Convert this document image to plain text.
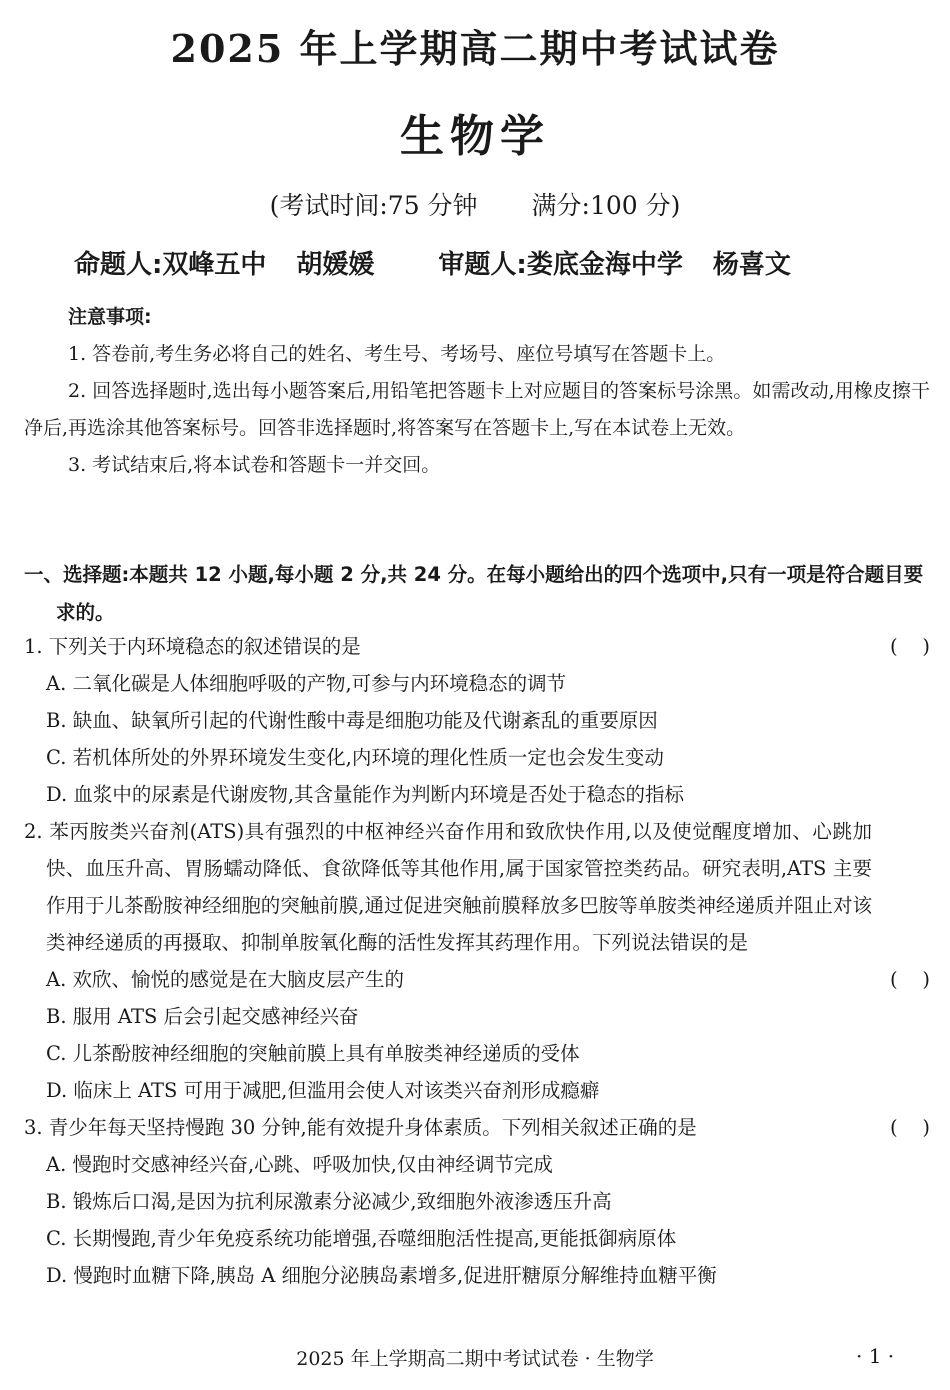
2025 年上学期高二期中考试试卷
生物学
(考试时间:75 分钟 满分:100 分)
命题人:双峰五中 胡媛媛 审题人:娄底金海中学 杨喜文
注意事项:

1. 答卷前,考生务必将自己的姓名、考生号、考场号、座位号填写在答题卡上。

2. 回答选择题时,选出每小题答案后,用铅笔把答题卡上对应题目的答案标号涂黑。如需改动,用橡皮擦干净后,再选涂其他答案标号。回答非选择题时,将答案写在答题卡上,写在本试卷上无效。

3. 考试结束后,将本试卷和答题卡一并交回。

一、选择题:本题共 12 小题,每小题 2 分,共 24 分。在每小题给出的四个选项中,只有一项是符合题目要求的。
1. 下列关于内环境稳态的叙述错误的是	(    )
A. 二氧化碳是人体细胞呼吸的产物,可参与内环境稳态的调节
B. 缺血、缺氧所引起的代谢性酸中毒是细胞功能及代谢紊乱的重要原因
C. 若机体所处的外界环境发生变化,内环境的理化性质一定也会发生变动
D. 血浆中的尿素是代谢废物,其含量能作为判断内环境是否处于稳态的指标
2. 苯丙胺类兴奋剂(ATS)具有强烈的中枢神经兴奋作用和致欣快作用,以及使觉醒度增加、心跳加快、血压升高、胃肠蠕动降低、食欲降低等其他作用,属于国家管控类药品。研究表明,ATS 主要作用于儿茶酚胺神经细胞的突触前膜,通过促进突触前膜释放多巴胺等单胺类神经递质并阻止对该类神经递质的再摄取、抑制单胺氧化酶的活性发挥其药理作用。下列说法错误的是
(    )
A. 欢欣、愉悦的感觉是在大脑皮层产生的
B. 服用 ATS 后会引起交感神经兴奋
C. 儿茶酚胺神经细胞的突触前膜上具有单胺类神经递质的受体
D. 临床上 ATS 可用于减肥,但滥用会使人对该类兴奋剂形成瘾癖
3. 青少年每天坚持慢跑 30 分钟,能有效提升身体素质。下列相关叙述正确的是	(    )
A. 慢跑时交感神经兴奋,心跳、呼吸加快,仅由神经调节完成
B. 锻炼后口渴,是因为抗利尿激素分泌减少,致细胞外液渗透压升高
C. 长期慢跑,青少年免疫系统功能增强,吞噬细胞活性提高,更能抵御病原体
D. 慢跑时血糖下降,胰岛 A 细胞分泌胰岛素增多,促进肝糖原分解维持血糖平衡
2025 年上学期高二期中考试试卷 · 生物学	· 1 ·
